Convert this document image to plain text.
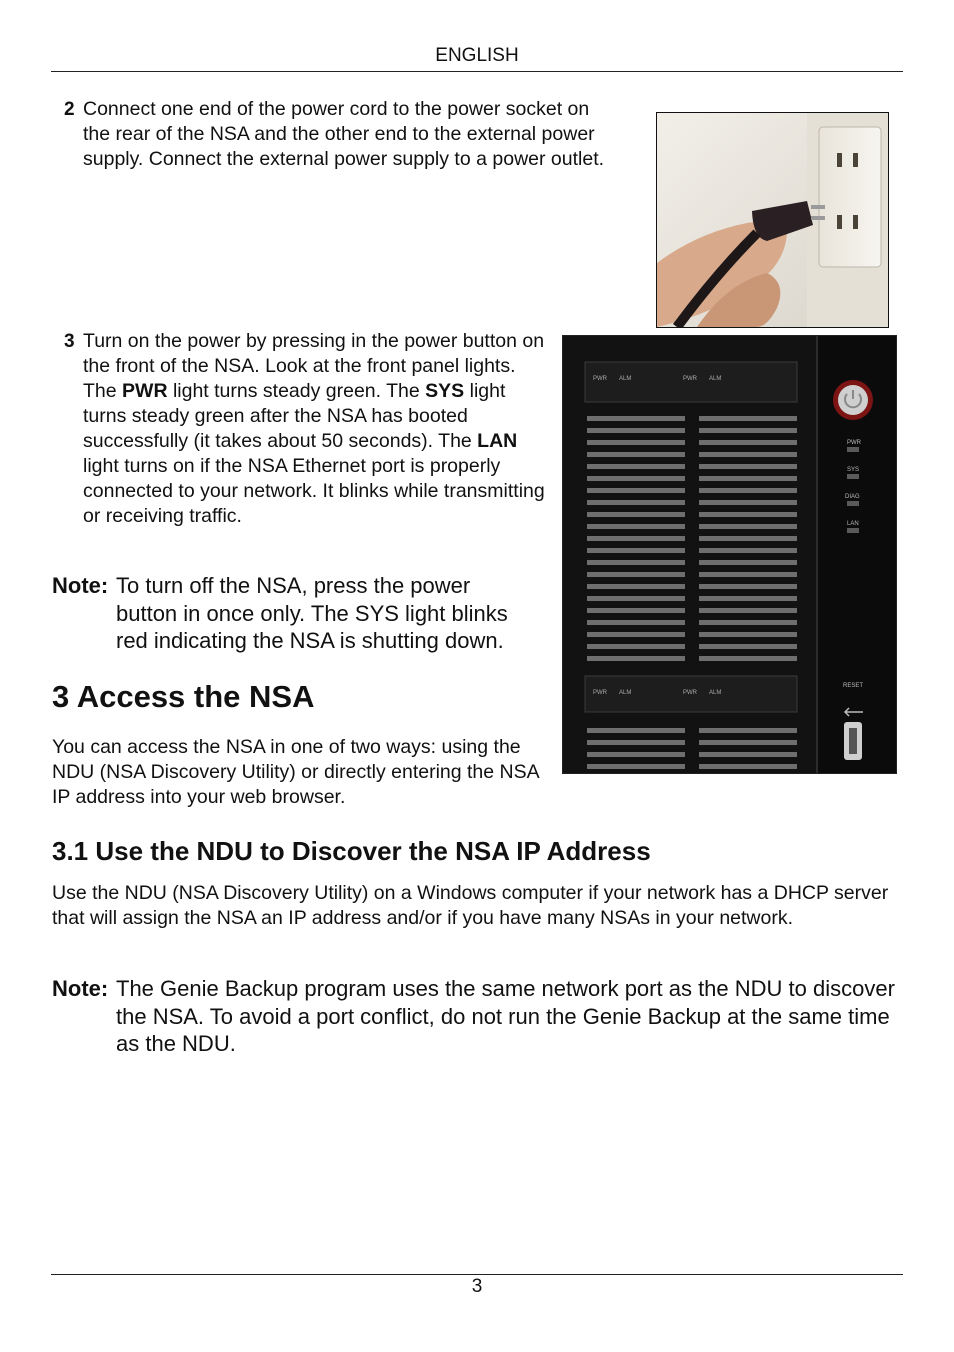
ENGLISH
2 Connect one end of the power cord to the power socket on the rear of the NSA and the other end to the external power supply. Connect the external power supply to a power outlet.
3 Turn on the power by pressing in the power button on the front of the NSA. Look at the front panel lights. The PWR light turns steady green. The SYS light turns steady green after the NSA has booted successfully (it takes about 50 seconds). The LAN light turns on if the NSA Ethernet port is properly connected to your network. It blinks while transmitting or receiving traffic.
PWR ALM	PWR ALM
PWR ALM	PWR ALM
PWR
SYS
DIAG
LAN
RESET
Note: To turn off the NSA, press the power button in once only. The SYS light blinks red indicating the NSA is shutting down.
3 Access the NSA
You can access the NSA in one of two ways: using the NDU (NSA Discovery Utility) or directly entering the NSA IP address into your web browser.
3.1 Use the NDU to Discover the NSA IP Address
Use the NDU (NSA Discovery Utility) on a Windows computer if your network has a DHCP server that will assign the NSA an IP address and/or if you have many NSAs in your network.
Note: The Genie Backup program uses the same network port as the NDU to discover the NSA. To avoid a port conflict, do not run the Genie Backup at the same time as the NDU.
3
